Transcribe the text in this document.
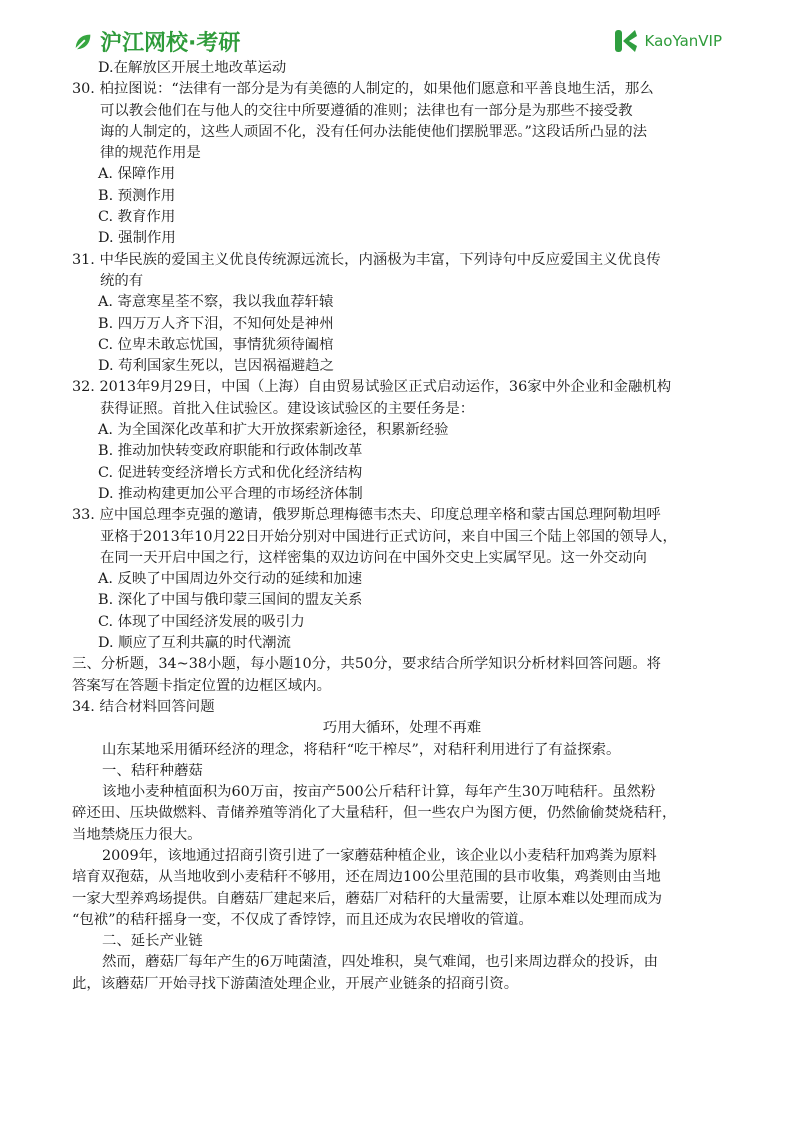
沪江网校·考研	KaoYanVIP
D.在解放区开展土地改革运动
30. 柏拉图说：“法律有一部分是为有美德的人制定的，如果他们愿意和平善良地生活，那么
可以教会他们在与他人的交往中所要遵循的准则；法律也有一部分是为那些不接受教
诲的人制定的，这些人顽固不化，没有任何办法能使他们摆脱罪恶。”这段话所凸显的法
律的规范作用是
A. 保障作用
B. 预测作用
C. 教育作用
D. 强制作用
31. 中华民族的爱国主义优良传统源远流长，内涵极为丰富，下列诗句中反应爱国主义优良传
统的有
A. 寄意寒星荃不察，我以我血荐轩辕
B. 四万万人齐下泪，不知何处是神州
C. 位卑未敢忘忧国，事情犹须待阖棺
D. 苟利国家生死以，岂因祸福避趋之
32. 2013年9月29日，中国（上海）自由贸易试验区正式启动运作，36家中外企业和金融机构
获得证照。首批入住试验区。建设该试验区的主要任务是：
A. 为全国深化改革和扩大开放探索新途径，积累新经验
B. 推动加快转变政府职能和行政体制改革
C. 促进转变经济增长方式和优化经济结构
D. 推动构建更加公平合理的市场经济体制
33. 应中国总理李克强的邀请，俄罗斯总理梅德韦杰夫、印度总理辛格和蒙古国总理阿勒坦呼
亚格于2013年10月22日开始分别对中国进行正式访问，来自中国三个陆上邻国的领导人，
在同一天开启中国之行，这样密集的双边访问在中国外交史上实属罕见。这一外交动向
A. 反映了中国周边外交行动的延续和加速
B. 深化了中国与俄印蒙三国间的盟友关系
C. 体现了中国经济发展的吸引力
D. 顺应了互利共赢的时代潮流
三、分析题，34~38小题，每小题10分，共50分，要求结合所学知识分析材料回答问题。将
答案写在答题卡指定位置的边框区域内。
34. 结合材料回答问题
巧用大循环，处理不再难
山东某地采用循环经济的理念，将秸秆“吃干榨尽”，对秸秆利用进行了有益探索。
一、秸秆种蘑菇
该地小麦种植面积为60万亩，按亩产500公斤秸秆计算，每年产生30万吨秸秆。虽然粉
碎还田、压块做燃料、青储养殖等消化了大量秸秆，但一些农户为图方便，仍然偷偷焚烧秸秆，
当地禁烧压力很大。
2009年，该地通过招商引资引进了一家蘑菇种植企业，该企业以小麦秸秆加鸡粪为原料
培育双孢菇，从当地收到小麦秸秆不够用，还在周边100公里范围的县市收集，鸡粪则由当地
一家大型养鸡场提供。自蘑菇厂建起来后，蘑菇厂对秸秆的大量需要，让原本难以处理而成为
“包袱”的秸秆摇身一变，不仅成了香饽饽，而且还成为农民增收的管道。
二、延长产业链
然而，蘑菇厂每年产生的6万吨菌渣，四处堆积，臭气难闻，也引来周边群众的投诉，由
此，该蘑菇厂开始寻找下游菌渣处理企业，开展产业链条的招商引资。
